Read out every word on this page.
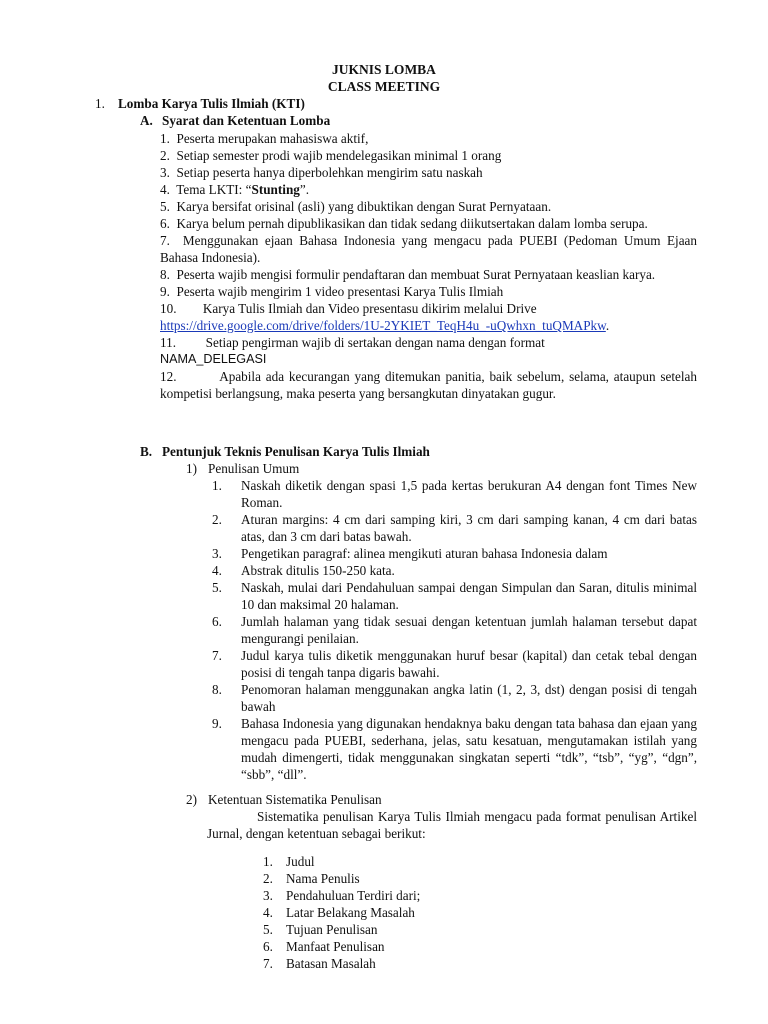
JUKNIS LOMBA
CLASS MEETING
1. Lomba Karya Tulis Ilmiah (KTI)
A. Syarat dan Ketentuan Lomba
1. Peserta merupakan mahasiswa aktif,
2. Setiap semester prodi wajib mendelegasikan minimal 1 orang
3. Setiap peserta hanya diperbolehkan mengirim satu naskah
4. Tema LKTI: “Stunting”.
5. Karya bersifat orisinal (asli) yang dibuktikan dengan Surat Pernyataan.
6. Karya belum pernah dipublikasikan dan tidak sedang diikutsertakan dalam lomba serupa.
7. Menggunakan ejaan Bahasa Indonesia yang mengacu pada PUEBI (Pedoman Umum Ejaan Bahasa Indonesia).
8. Peserta wajib mengisi formulir pendaftaran dan membuat Surat Pernyataan keaslian karya.
9. Peserta wajib mengirim 1 video presentasi Karya Tulis Ilmiah
10. Karya Tulis Ilmiah dan Video presentasu dikirim melalui Drive
https://drive.google.com/drive/folders/1U-2YKIET_TeqH4u_-uQwhxn_tuQMAPkw.
11. Setiap pengirman wajib di sertakan dengan nama dengan format
NAMA_DELEGASI
12.	Apabila ada kecurangan yang ditemukan panitia, baik sebelum, selama, ataupun setelah kompetisi berlangsung, maka peserta yang bersangkutan dinyatakan gugur.
B. Pentunjuk Teknis Penulisan Karya Tulis Ilmiah
1) Penulisan Umum
1. Naskah diketik dengan spasi 1,5 pada kertas berukuran A4 dengan font Times New Roman.
2. Aturan margins: 4 cm dari samping kiri, 3 cm dari samping kanan, 4 cm dari batas atas, dan 3 cm dari batas bawah.
3. Pengetikan paragraf: alinea mengikuti aturan bahasa Indonesia dalam
4. Abstrak ditulis 150-250 kata.
5. Naskah, mulai dari Pendahuluan sampai dengan Simpulan dan Saran, ditulis minimal 10 dan maksimal 20 halaman.
6. Jumlah halaman yang tidak sesuai dengan ketentuan jumlah halaman tersebut dapat mengurangi penilaian.
7. Judul karya tulis diketik menggunakan huruf besar (kapital) dan cetak tebal dengan posisi di tengah tanpa digaris bawahi.
8. Penomoran halaman menggunakan angka latin (1, 2, 3, dst) dengan posisi di tengah bawah
9. Bahasa Indonesia yang digunakan hendaknya baku dengan tata bahasa dan ejaan yang mengacu pada PUEBI, sederhana, jelas, satu kesatuan, mengutamakan istilah yang mudah dimengerti, tidak menggunakan singkatan seperti “tdk”, “tsb”, “yg”, “dgn”, “sbb”, “dll”.
2) Ketentuan Sistematika Penulisan
Sistematika penulisan Karya Tulis Ilmiah mengacu pada format penulisan Artikel Jurnal, dengan ketentuan sebagai berikut:
1. Judul
2. Nama Penulis
3. Pendahuluan Terdiri dari;
4. Latar Belakang Masalah
5. Tujuan Penulisan
6. Manfaat Penulisan
7. Batasan Masalah
